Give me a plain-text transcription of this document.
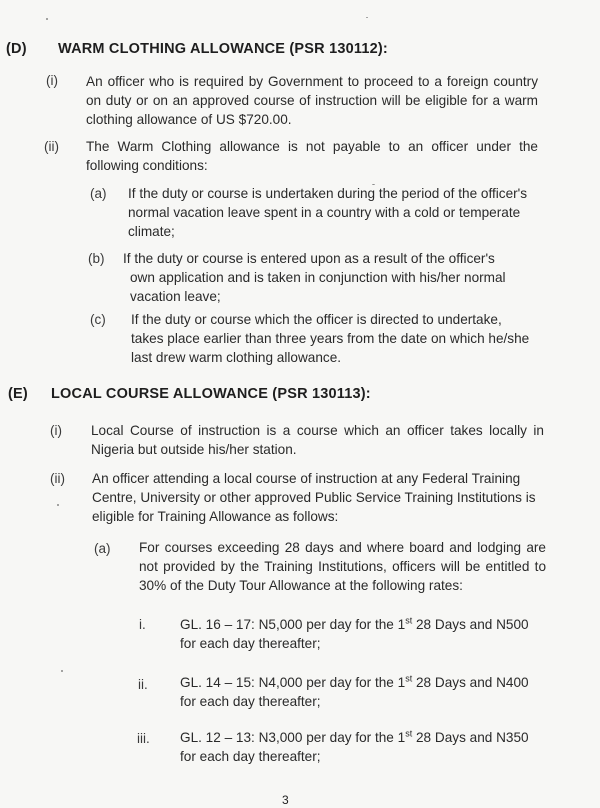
(D) WARM CLOTHING ALLOWANCE (PSR 130112):

(i) An officer who is required by Government to proceed to a foreign country
on duty or on an approved course of instruction will be eligible for a warm
clothing allowance of US $720.00.

(ii) The Warm Clothing allowance is not payable to an officer under the
following conditions:

(a) If the duty or course is undertaken during the period of the officer's
normal vacation leave spent in a country with a cold or temperate
climate;

(b) If the duty or course is entered upon as a result of the officer's
own application and is taken in conjunction with his/her normal
vacation leave;

(c) If the duty or course which the officer is directed to undertake,
takes place earlier than three years from the date on which he/she
last drew warm clothing allowance.

(E) LOCAL COURSE ALLOWANCE (PSR 130113):

(i) Local Course of instruction is a course which an officer takes locally in
Nigeria but outside his/her station.

(ii) An officer attending a local course of instruction at any Federal Training
Centre, University or other approved Public Service Training Institutions is
eligible for Training Allowance as follows:

(a) For courses exceeding 28 days and where board and lodging are
not provided by the Training Institutions, officers will be entitled to
30% of the Duty Tour Allowance at the following rates:

i.	GL. 16 – 17: N5,000 per day for the 1st 28 Days and N500
for each day thereafter;

ii. GL. 14 – 15: N4,000 per day for the 1st 28 Days and N400
for each day thereafter;

iii. GL. 12 – 13: N3,000 per day for the 1st 28 Days and N350
for each day thereafter;

3
